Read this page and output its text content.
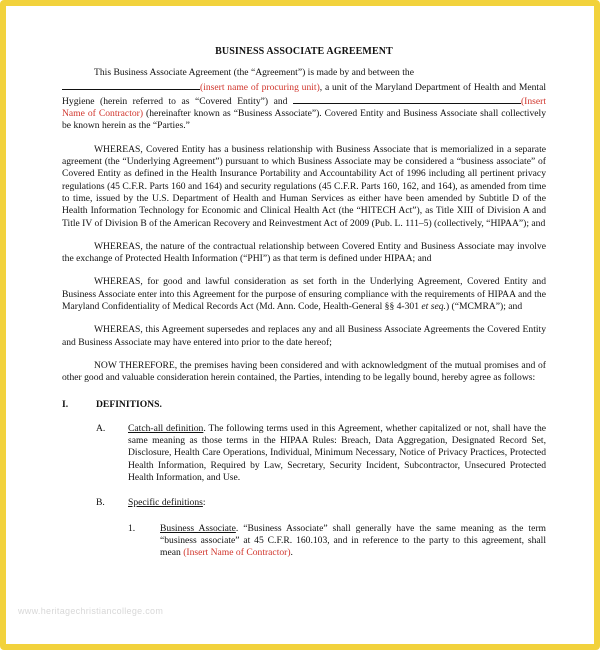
BUSINESS ASSOCIATE AGREEMENT

This Business Associate Agreement (the “Agreement”) is made by and between the
(insert name of procuring unit), a unit of the Maryland Department of Health and Mental Hygiene (herein referred to as “Covered Entity”) and	(Insert Name of Contractor) (hereinafter known as “Business Associate”). Covered Entity and Business Associate shall collectively be known herein as the “Parties.”

WHEREAS, Covered Entity has a business relationship with Business Associate that is memorialized in a separate agreement (the “Underlying Agreement”) pursuant to which Business Associate may be considered a “business associate” of Covered Entity as defined in the Health Insurance Portability and Accountability Act of 1996 including all pertinent privacy regulations (45 C.F.R. Parts 160 and 164) and security regulations (45 C.F.R. Parts 160, 162, and 164), as amended from time to time, issued by the U.S. Department of Health and Human Services as either have been amended by Subtitle D of the Health Information Technology for Economic and Clinical Health Act (the “HITECH Act”), as Title XIII of Division A and Title IV of Division B of the American Recovery and Reinvestment Act of 2009 (Pub. L. 111–5) (collectively, “HIPAA”); and

WHEREAS, the nature of the contractual relationship between Covered Entity and Business Associate may involve the exchange of Protected Health Information (“PHI”) as that term is defined under HIPAA; and

WHEREAS, for good and lawful consideration as set forth in the Underlying Agreement, Covered Entity and Business Associate enter into this Agreement for the purpose of ensuring compliance with the requirements of HIPAA and the Maryland Confidentiality of Medical Records Act (Md. Ann. Code, Health-General §§ 4-301 et seq.) (“MCMRA”); and

WHEREAS, this Agreement supersedes and replaces any and all Business Associate Agreements the Covered Entity and Business Associate may have entered into prior to the date hereof;

NOW THEREFORE, the premises having been considered and with acknowledgment of the mutual promises and of other good and valuable consideration herein contained, the Parties, intending to be legally bound, hereby agree as follows:

I.	DEFINITIONS.
A.	Catch-all definition. The following terms used in this Agreement, whether capitalized or not, shall have the same meaning as those terms in the HIPAA Rules: Breach, Data Aggregation, Designated Record Set, Disclosure, Health Care Operations, Individual, Minimum Necessary, Notice of Privacy Practices, Protected Health Information, Required by Law, Secretary, Security Incident, Subcontractor, Unsecured Protected Health Information, and Use.
B.	Specific definitions:
1.	Business Associate. “Business Associate” shall generally have the same meaning as the term “business associate” at 45 C.F.R. 160.103, and in reference to the party to this agreement, shall mean (Insert Name of Contractor).
www.heritagechristiancollege.com
